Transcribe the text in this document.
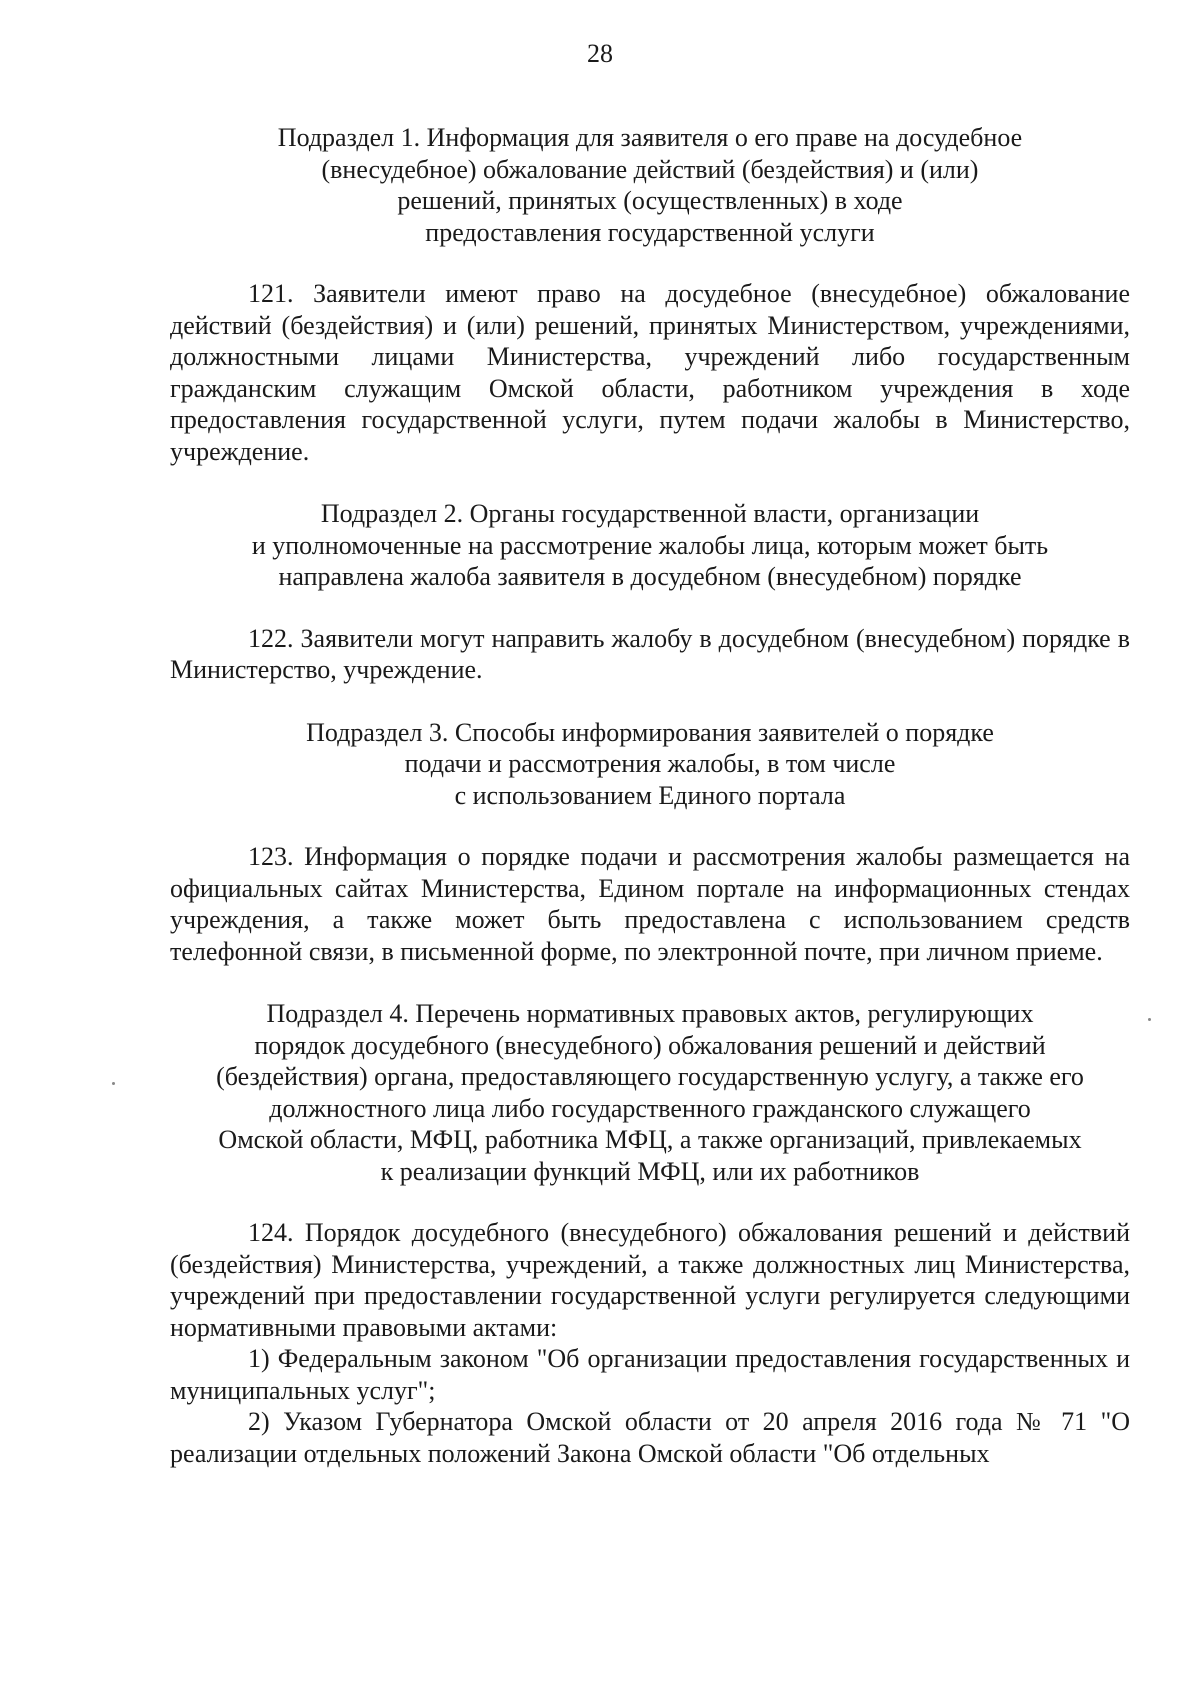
28
Подраздел 1. Информация для заявителя о его праве на досудебное
(внесудебное) обжалование действий (бездействия) и (или)
решений, принятых (осуществленных) в ходе
предоставления государственной услуги

121. Заявители имеют право на досудебное (внесудебное) обжалование действий (бездействия) и (или) решений, принятых Министерством, учреждениями, должностными лицами Министерства, учреждений либо государственным гражданским служащим Омской области, работником учреждения в ходе предоставления государственной услуги, путем подачи жалобы в Министерство, учреждение.

Подраздел 2. Органы государственной власти, организации
и уполномоченные на рассмотрение жалобы лица, которым может быть
направлена жалоба заявителя в досудебном (внесудебном) порядке

122. Заявители могут направить жалобу в досудебном (внесудебном) порядке в Министерство, учреждение.

Подраздел 3. Способы информирования заявителей о порядке
подачи и рассмотрения жалобы, в том числе
с использованием Единого портала

123. Информация о порядке подачи и рассмотрения жалобы размещается на официальных сайтах Министерства, Едином портале на информационных стендах учреждения, а также может быть предоставлена с использованием средств телефонной связи, в письменной форме, по электронной почте, при личном приеме.

Подраздел 4. Перечень нормативных правовых актов, регулирующих
порядок досудебного (внесудебного) обжалования решений и действий
(бездействия) органа, предоставляющего государственную услугу, а также его
должностного лица либо государственного гражданского служащего
Омской области, МФЦ, работника МФЦ, а также организаций, привлекаемых
к реализации функций МФЦ, или их работников

124. Порядок досудебного (внесудебного) обжалования решений и действий (бездействия) Министерства, учреждений, а также должностных лиц Министерства, учреждений при предоставлении государственной услуги регулируется следующими нормативными правовыми актами:

1) Федеральным законом "Об организации предоставления государственных и муниципальных услуг";

2) Указом Губернатора Омской области от 20 апреля 2016 года № 71 "О реализации отдельных положений Закона Омской области "Об отдельных
